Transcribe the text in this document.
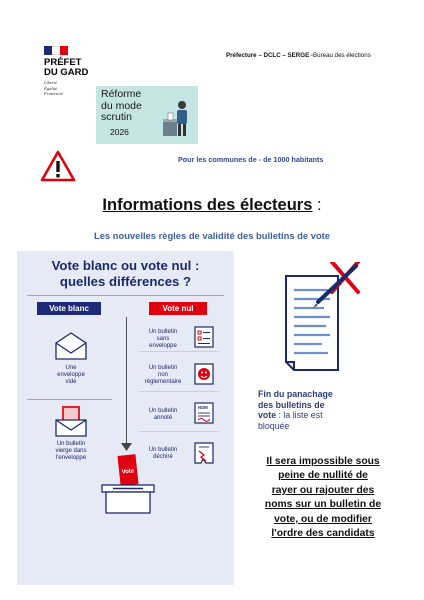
PRÉFET
DU GARD
Liberté
Égalité
Fraternité
Préfecture – DCLC – SERGE -Bureau des élections
Réforme
du mode
scrutin
2026
Pour les communes de - de 1000 habitants
Informations des électeurs :
Les nouvelles règles de validité des bulletins de vote
Vote blanc ou vote nul :
quelles différences ?
Vote blanc	Vote nul
Une
enveloppe
vide
Un bulletin
vierge dans
l'enveloppe
Un bulletin
sans
enveloppe
Un bulletin
non
réglementaire
Un bulletin
annoté
NOM
Un bulletin
déchiré
Vote
Fin du panachage
des bulletins de
vote : la liste est
bloquée
Il sera impossible sous
peine de nullité de
rayer ou rajouter des
noms sur un bulletin de
vote, ou de modifier
l'ordre des candidats
